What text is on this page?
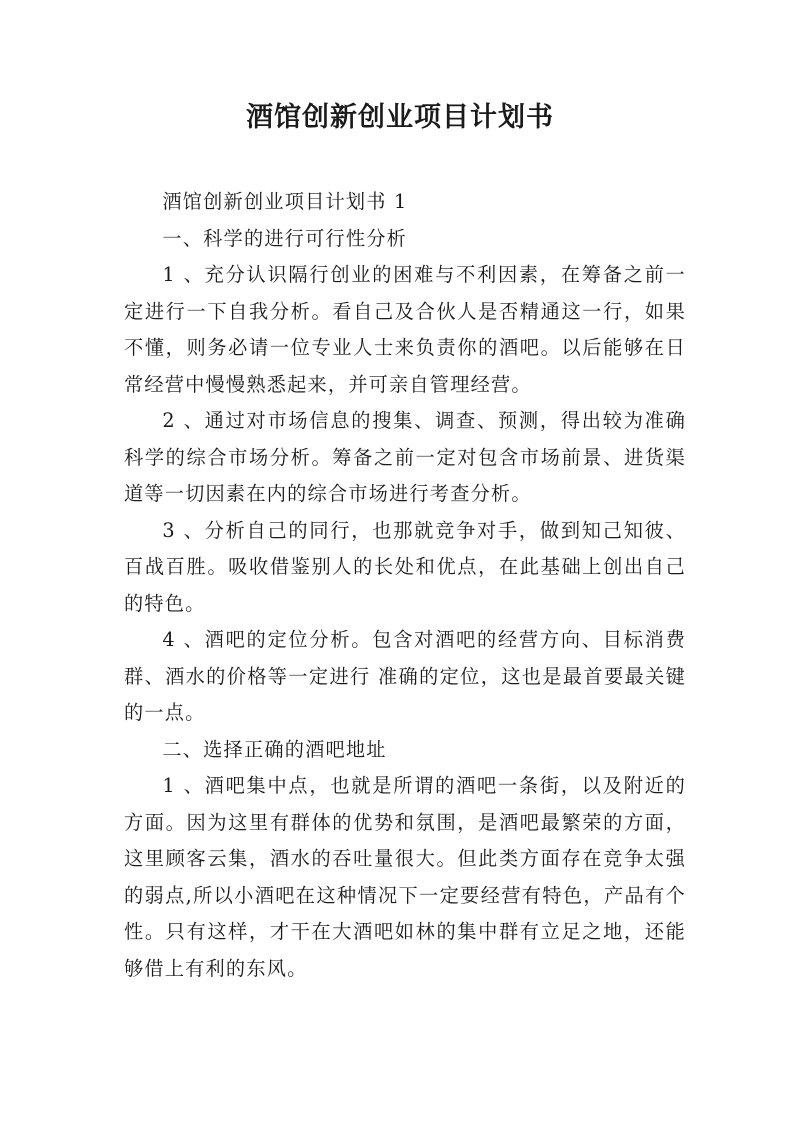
酒馆创新创业项目计划书

酒馆创新创业项目计划书 1

一、科学的进行可行性分析

1 、充分认识隔行创业的困难与不利因素，在筹备之前一定进行一下自我分析。看自己及合伙人是否精通这一行，如果不懂，则务必请一位专业人士来负责你的酒吧。以后能够在日常经营中慢慢熟悉起来，并可亲自管理经营。

2 、通过对市场信息的搜集、调查、预测，得出较为准确科学的综合市场分析。筹备之前一定对包含市场前景、进货渠道等一切因素在内的综合市场进行考查分析。

3 、分析自己的同行，也那就竞争对手，做到知己知彼、百战百胜。吸收借鉴别人的长处和优点，在此基础上创出自己的特色。

4 、酒吧的定位分析。包含对酒吧的经营方向、目标消费群、酒水的价格等一定进行 准确的定位，这也是最首要最关键的一点。

二、选择正确的酒吧地址

1 、酒吧集中点，也就是所谓的酒吧一条街，以及附近的方面。因为这里有群体的优势和氛围，是酒吧最繁荣的方面，这里顾客云集，酒水的吞吐量很大。但此类方面存在竞争太强的弱点,所以小酒吧在这种情况下一定要经营有特色，产品有个性。只有这样，才干在大酒吧如林的集中群有立足之地，还能够借上有利的东风。
